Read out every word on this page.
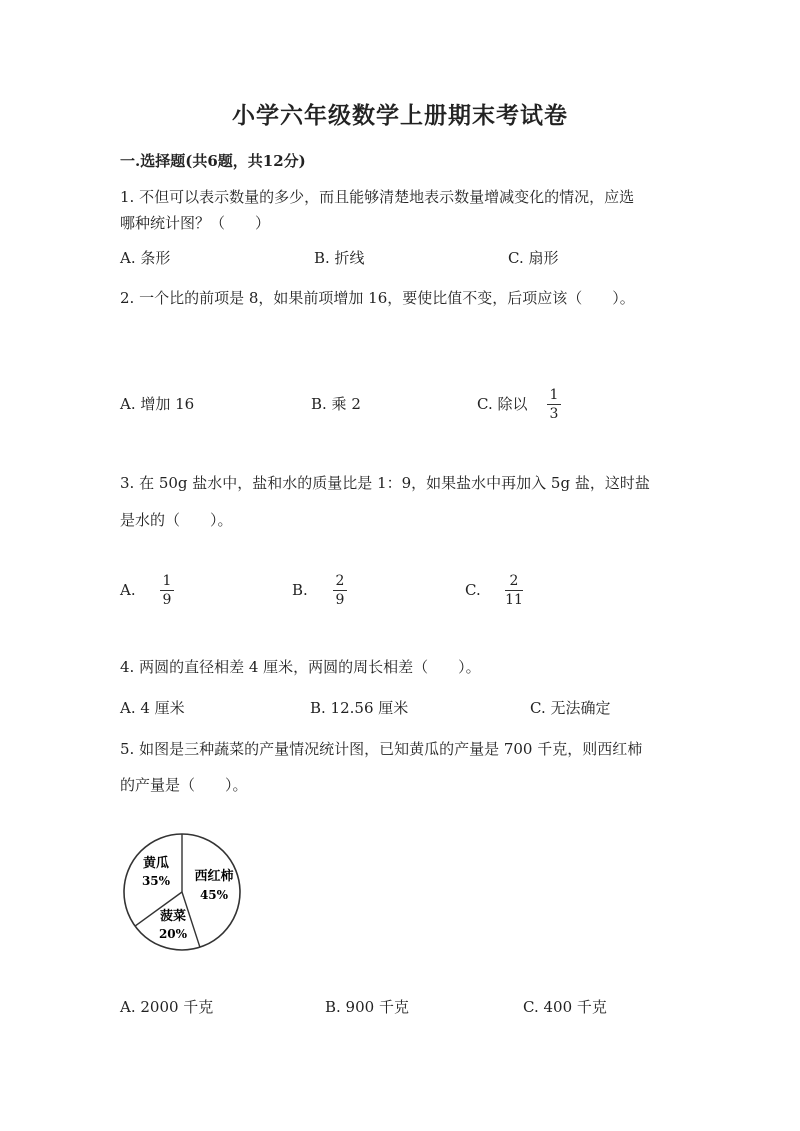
小学六年级数学上册期末考试卷
一.选择题(共6题，共12分)
1. 不但可以表示数量的多少，而且能够清楚地表示数量增减变化的情况，应选
哪种统计图？（　　）
A. 条形	B. 折线	C. 扇形
2. 一个比的前项是 8，如果前项增加 16，要使比值不变，后项应该（　　）。
A. 增加 16	B. 乘 2	C. 除以 1
3
3. 在 50g 盐水中，盐和水的质量比是 1：9，如果盐水中再加入 5g 盐，这时盐
是水的（　　）。
A. 1
9
B. 2
9
C. 2
11
4. 两圆的直径相差 4 厘米，两圆的周长相差（　　）。
A. 4 厘米	B. 12.56 厘米	C. 无法确定
5. 如图是三种蔬菜的产量情况统计图，已知黄瓜的产量是 700 千克，则西红柿
的产量是（　　）。
黄瓜
35% 西红柿
45%
菠菜
20%
A. 2000 千克	B. 900 千克	C. 400 千克
